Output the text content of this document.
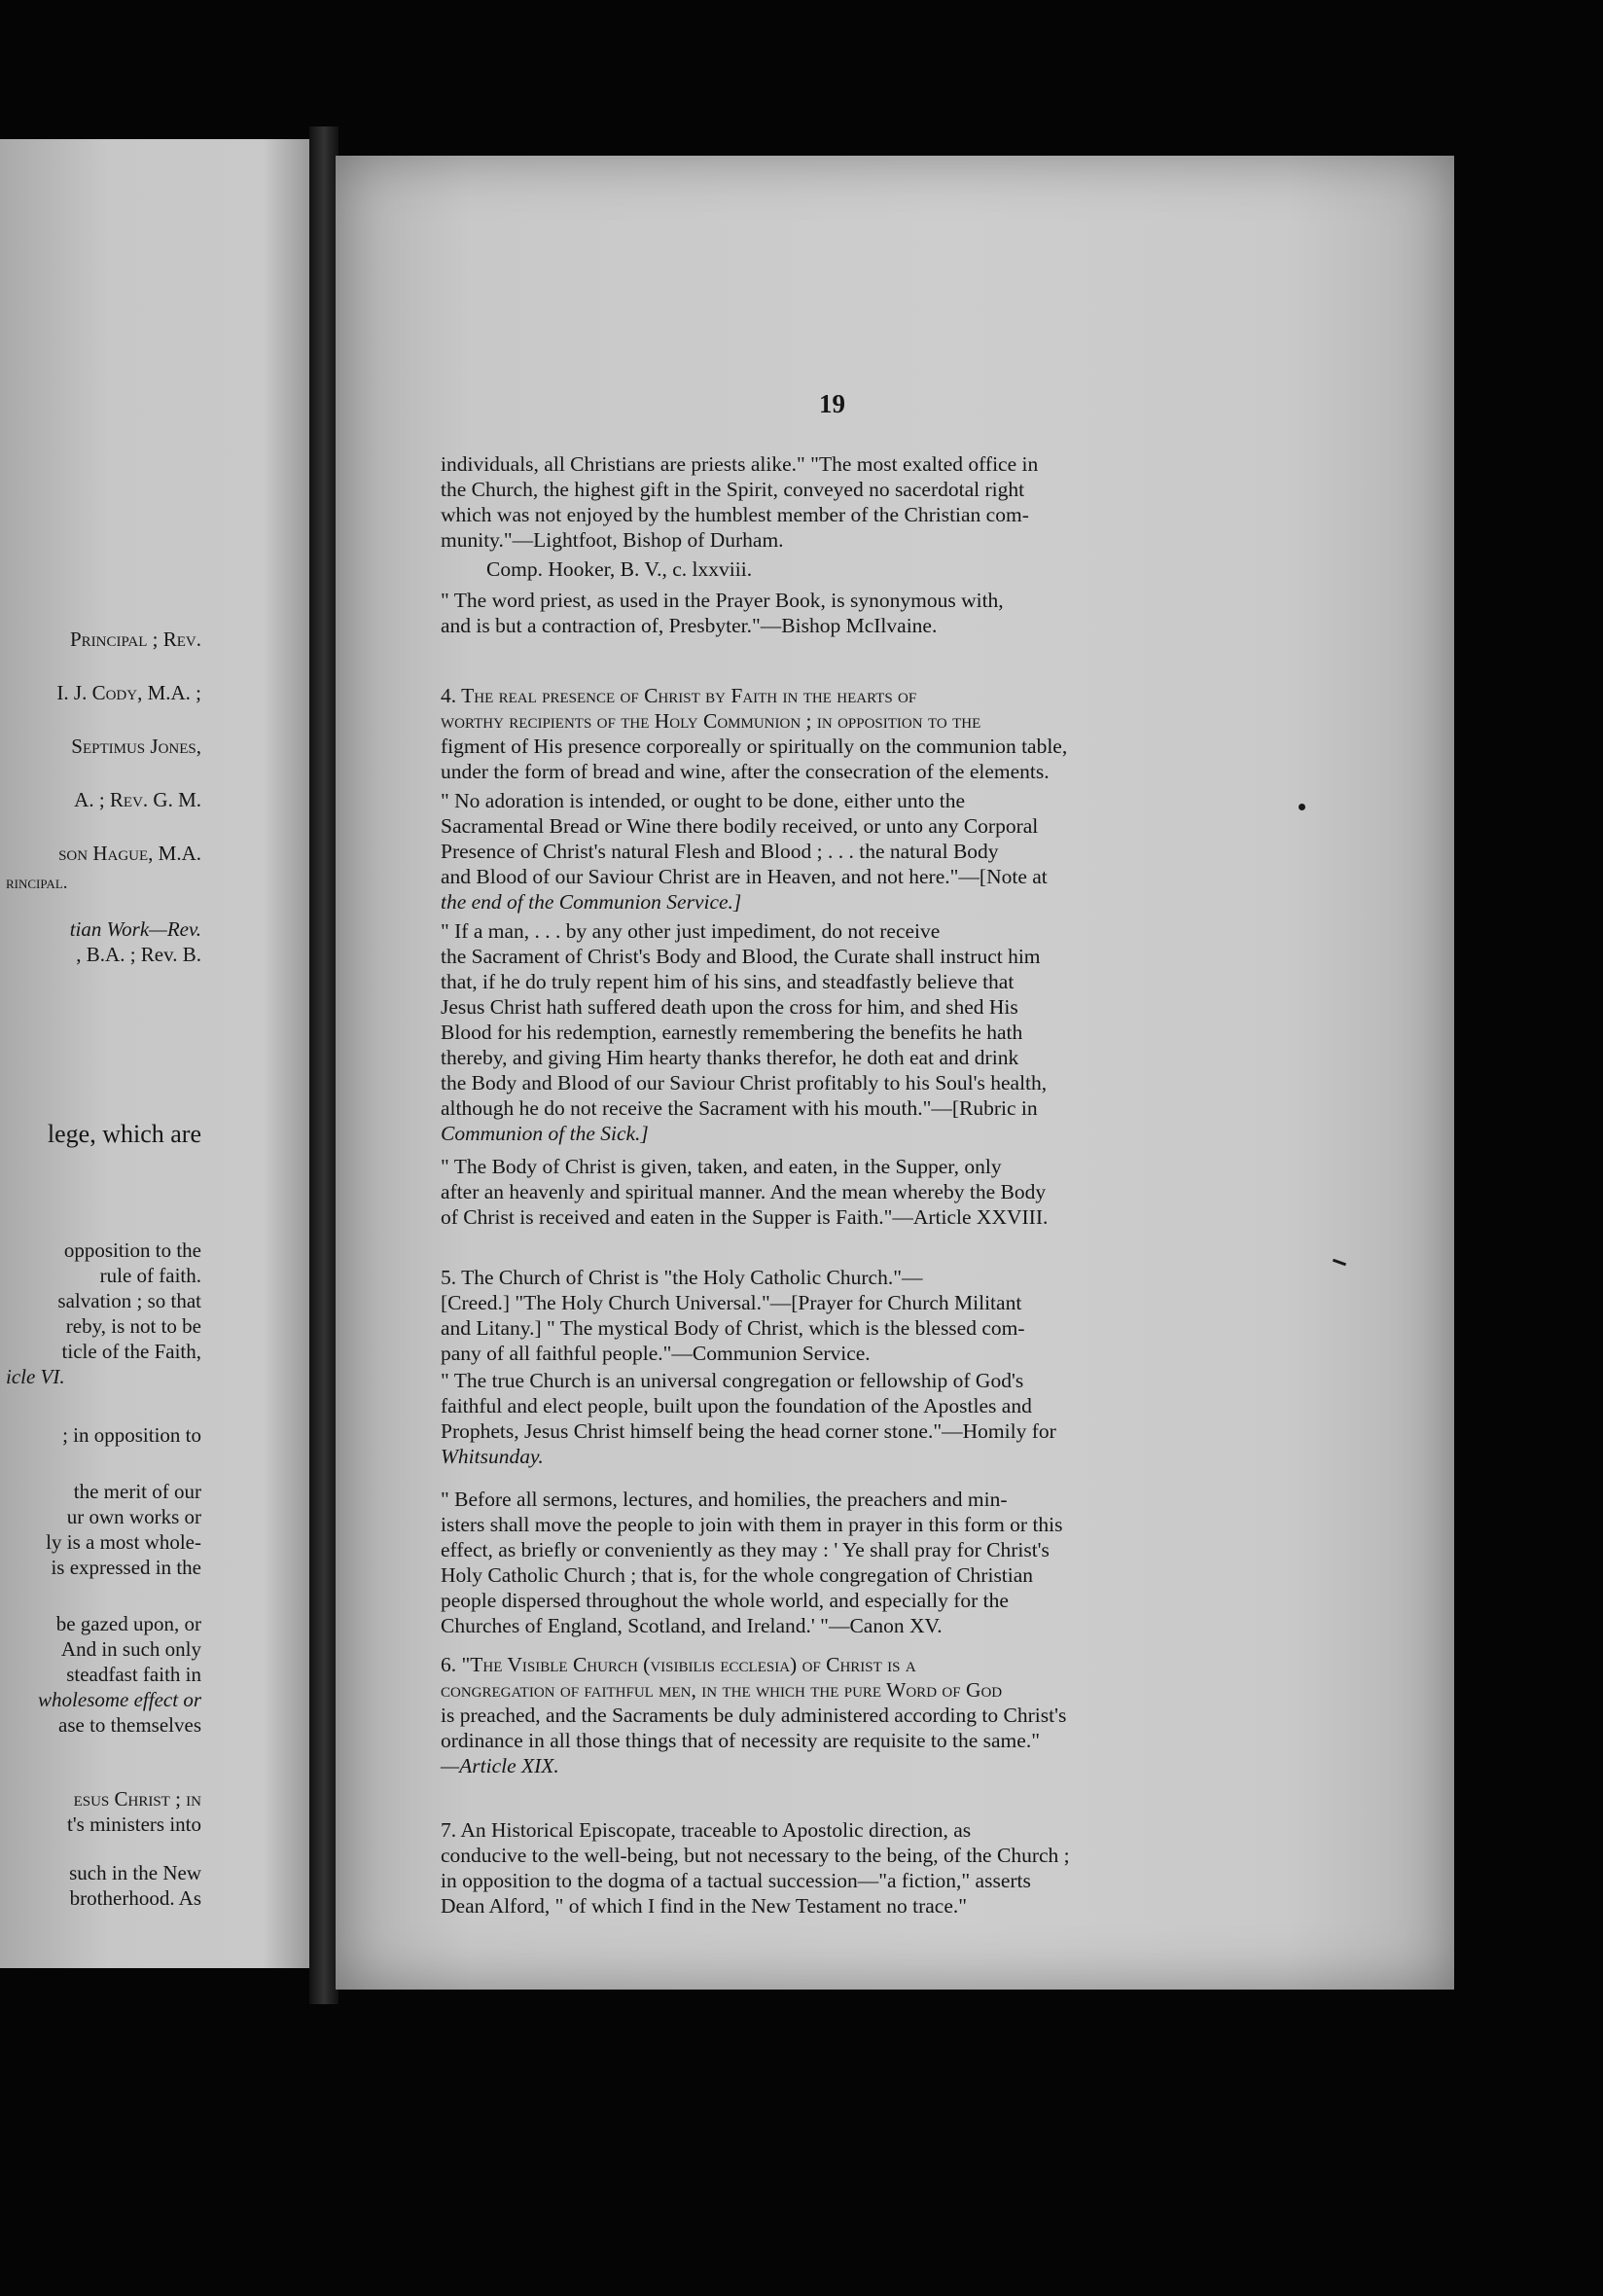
Principal ; Rev.
I. J. Cody, M.A. ;
Septimus Jones,
A. ; Rev. G. M.
son Hague, M.A.
rincipal.
tian Work—Rev.
, B.A. ; Rev. B.
lege, which are
opposition to the
rule of faith.
salvation ; so that
reby, is not to be
ticle of the Faith,
icle VI.
; in opposition to
the merit of our
ur own works or
ly is a most whole-
is expressed in the
be gazed upon, or
And in such only
steadfast faith in
wholesome effect or
ase to themselves
esus Christ ; in
t's ministers into
such in the New
brotherhood. As
19

individuals, all Christians are priests alike." "The most exalted office in

the Church, the highest gift in the Spirit, conveyed no sacerdotal right

which was not enjoyed by the humblest member of the Christian com-

munity."—Lightfoot, Bishop of Durham.

Comp. Hooker, B. V., c. lxxviii.

" The word priest, as used in the Prayer Book, is synonymous with,

and is but a contraction of, Presbyter."—Bishop McIlvaine.

4. The real presence of Christ by Faith in the hearts of

worthy recipients of the Holy Communion ; in opposition to the

figment of His presence corporeally or spiritually on the communion table,

under the form of bread and wine, after the consecration of the elements.

" No adoration is intended, or ought to be done, either unto the

Sacramental Bread or Wine there bodily received, or unto any Corporal

Presence of Christ's natural Flesh and Blood ; . . . the natural Body

and Blood of our Saviour Christ are in Heaven, and not here."—[Note at

the end of the Communion Service.]

" If a man, . . . by any other just impediment, do not receive

the Sacrament of Christ's Body and Blood, the Curate shall instruct him

that, if he do truly repent him of his sins, and steadfastly believe that

Jesus Christ hath suffered death upon the cross for him, and shed His

Blood for his redemption, earnestly remembering the benefits he hath

thereby, and giving Him hearty thanks therefor, he doth eat and drink

the Body and Blood of our Saviour Christ profitably to his Soul's health,

although he do not receive the Sacrament with his mouth."—[Rubric in

Communion of the Sick.]

" The Body of Christ is given, taken, and eaten, in the Supper, only

after an heavenly and spiritual manner. And the mean whereby the Body

of Christ is received and eaten in the Supper is Faith."—Article XXVIII.

5. The Church of Christ is "the Holy Catholic Church."—

[Creed.] "The Holy Church Universal."—[Prayer for Church Militant

and Litany.] " The mystical Body of Christ, which is the blessed com-

pany of all faithful people."—Communion Service.

" The true Church is an universal congregation or fellowship of God's

faithful and elect people, built upon the foundation of the Apostles and

Prophets, Jesus Christ himself being the head corner stone."—Homily for

Whitsunday.

" Before all sermons, lectures, and homilies, the preachers and min-

isters shall move the people to join with them in prayer in this form or this

effect, as briefly or conveniently as they may : ' Ye shall pray for Christ's

Holy Catholic Church ; that is, for the whole congregation of Christian

people dispersed throughout the whole world, and especially for the

Churches of England, Scotland, and Ireland.' "—Canon XV.

6. "The Visible Church (visibilis ecclesia) of Christ is a

congregation of faithful men, in the which the pure Word of God

is preached, and the Sacraments be duly administered according to Christ's

ordinance in all those things that of necessity are requisite to the same."

—Article XIX.

7. An Historical Episcopate, traceable to Apostolic direction, as

conducive to the well-being, but not necessary to the being, of the Church ;

in opposition to the dogma of a tactual succession—"a fiction," asserts

Dean Alford, " of which I find in the New Testament no trace."
